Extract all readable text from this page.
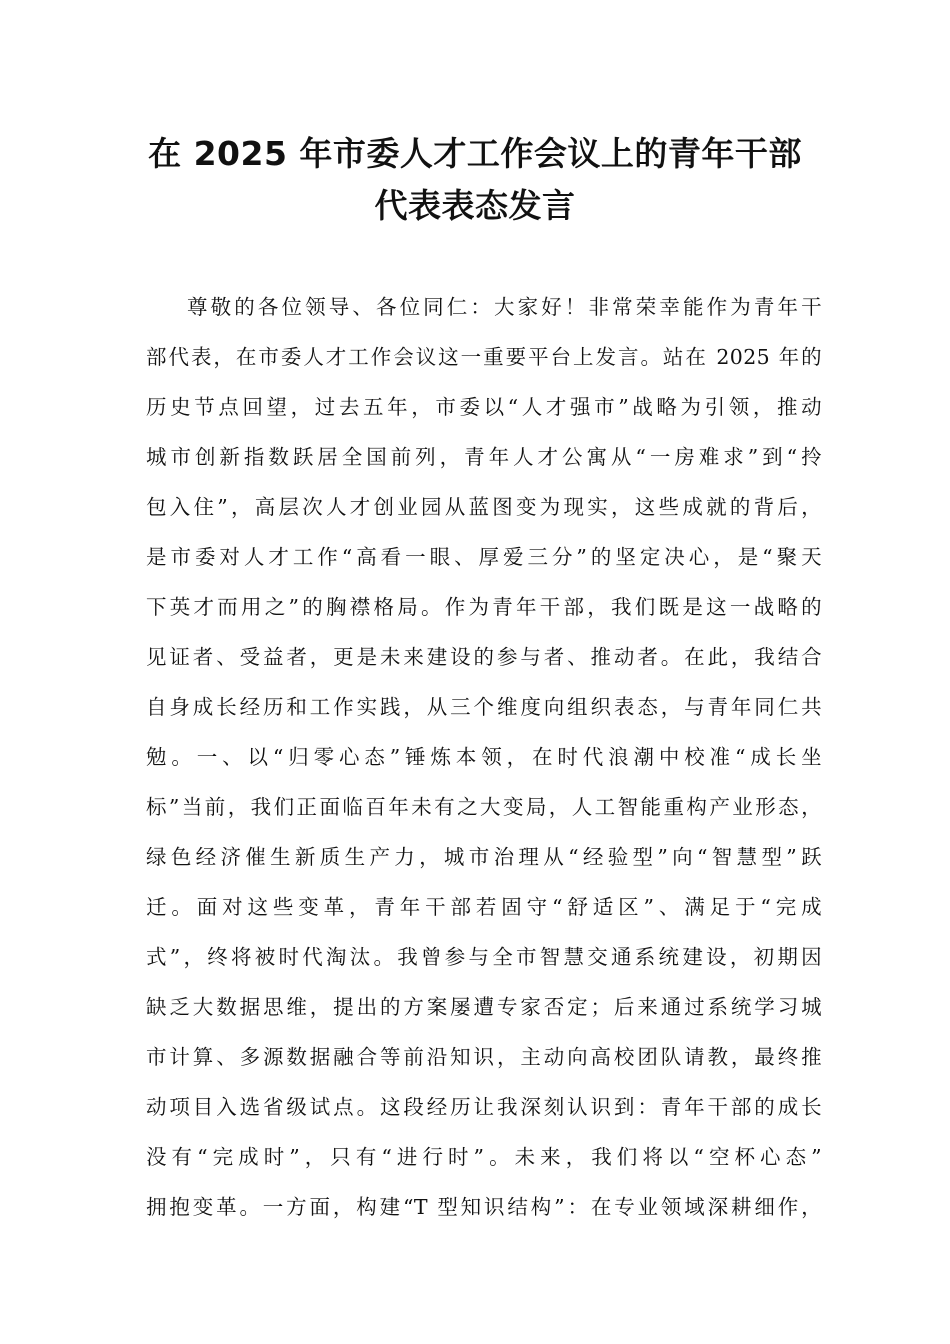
在 2025 年市委人才工作会议上的青年干部
代表表态发言
尊敬的各位领导、各位同仁：大家好！非常荣幸能作为青年干
部代表，在市委人才工作会议这一重要平台上发言。站在 2025 年的
历史节点回望，过去五年，市委以“人才强市”战略为引领，推动
城市创新指数跃居全国前列，青年人才公寓从“一房难求”到“拎
包入住”，高层次人才创业园从蓝图变为现实，这些成就的背后，
是市委对人才工作“高看一眼、厚爱三分”的坚定决心，是“聚天
下英才而用之”的胸襟格局。作为青年干部，我们既是这一战略的
见证者、受益者，更是未来建设的参与者、推动者。在此，我结合
自身成长经历和工作实践，从三个维度向组织表态，与青年同仁共
勉。一、以“归零心态”锤炼本领，在时代浪潮中校准“成长坐
标”当前，我们正面临百年未有之大变局，人工智能重构产业形态，
绿色经济催生新质生产力，城市治理从“经验型”向“智慧型”跃
迁。面对这些变革，青年干部若固守“舒适区”、满足于“完成
式”，终将被时代淘汰。我曾参与全市智慧交通系统建设，初期因
缺乏大数据思维，提出的方案屡遭专家否定；后来通过系统学习城
市计算、多源数据融合等前沿知识，主动向高校团队请教，最终推
动项目入选省级试点。这段经历让我深刻认识到：青年干部的成长
没有“完成时”，只有“进行时”。未来，我们将以“空杯心态”
拥抱变革。一方面，构建“T 型知识结构”：在专业领域深耕细作，
